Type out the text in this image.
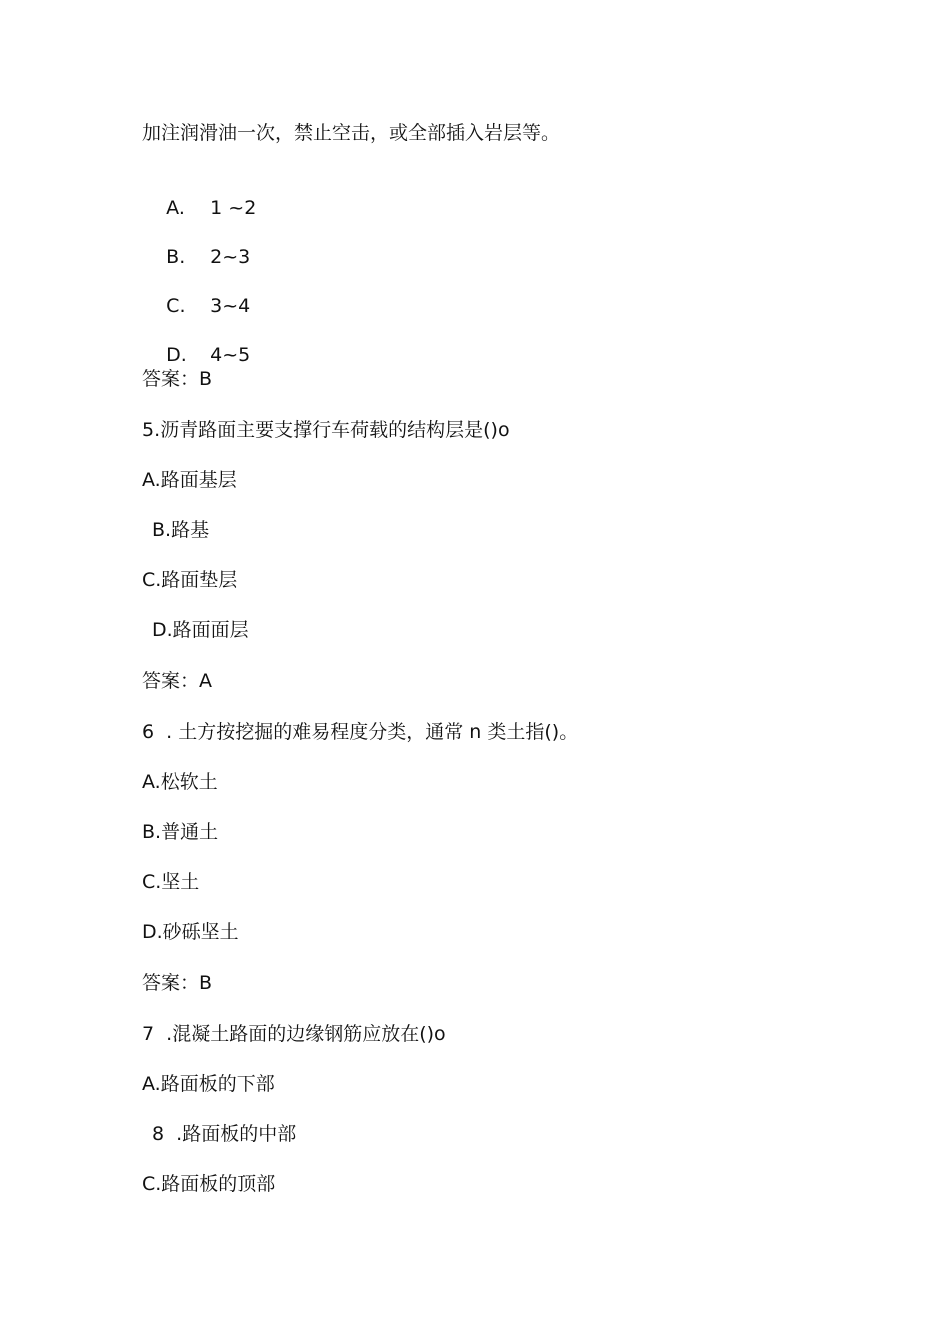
加注润滑油一次，禁止空击，或全部插入岩层等。

A. 1 ~2

B. 2~3

C. 3~4

D. 4~5

答案：B
5.沥青路面主要支撑行车荷载的结构层是()o
A.路面基层
B.路基
C.路面垫层
D.路面面层
答案：A
6  . 土方按挖掘的难易程度分类，通常 n 类土指()。
A.松软土
B.普通土
C.坚土
D.砂砾坚土
答案：B
7  .混凝土路面的边缘钢筋应放在()o
A.路面板的下部
8  .路面板的中部
C.路面板的顶部
